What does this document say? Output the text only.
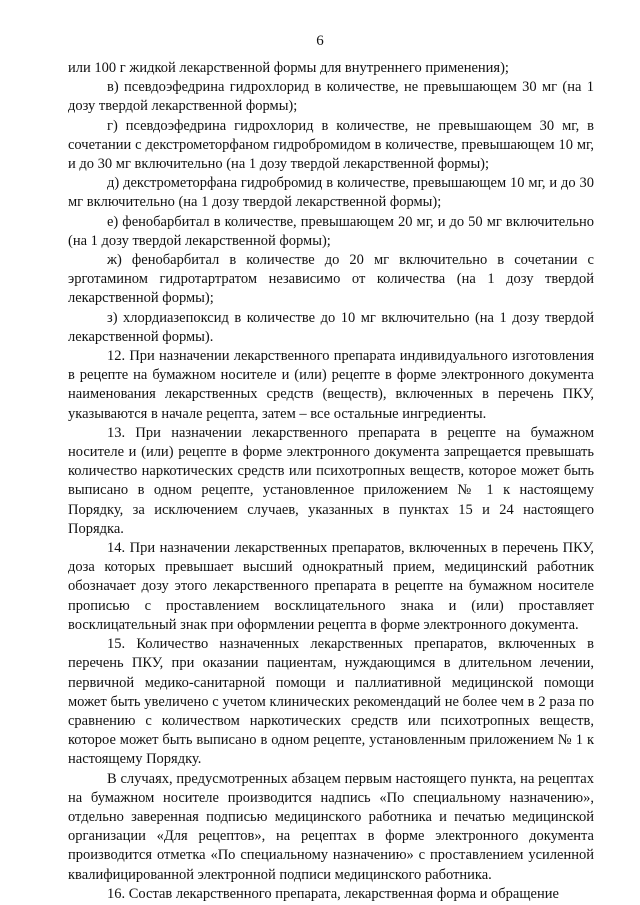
6

или 100 г жидкой лекарственной формы для внутреннего применения);

в) псевдоэфедрина гидрохлорид в количестве, не превышающем 30 мг (на 1 дозу твердой лекарственной формы);

г) псевдоэфедрина гидрохлорид в количестве, не превышающем 30 мг, в сочетании с декстрометорфаном гидробромидом в количестве, превышающем 10 мг, и до 30 мг включительно (на 1 дозу твердой лекарственной формы);

д) декстрометорфана гидробромид в количестве, превышающем 10 мг, и до 30 мг включительно (на 1 дозу твердой лекарственной формы);

е) фенобарбитал в количестве, превышающем 20 мг, и до 50 мг включительно (на 1 дозу твердой лекарственной формы);

ж) фенобарбитал в количестве до 20 мг включительно в сочетании с эрготамином гидротартратом независимо от количества (на 1 дозу твердой лекарственной формы);

з) хлордиазепоксид в количестве до 10 мг включительно (на 1 дозу твердой лекарственной формы).

12. При назначении лекарственного препарата индивидуального изготовления в рецепте на бумажном носителе и (или) рецепте в форме электронного документа наименования лекарственных средств (веществ), включенных в перечень ПКУ, указываются в начале рецепта, затем – все остальные ингредиенты.

13. При назначении лекарственного препарата в рецепте на бумажном носителе и (или) рецепте в форме электронного документа запрещается превышать количество наркотических средств или психотропных веществ, которое может быть выписано в одном рецепте, установленное приложением № 1 к настоящему Порядку, за исключением случаев, указанных в пунктах 15 и 24 настоящего Порядка.

14. При назначении лекарственных препаратов, включенных в перечень ПКУ, доза которых превышает высший однократный прием, медицинский работник обозначает дозу этого лекарственного препарата в рецепте на бумажном носителе прописью с проставлением восклицательного знака и (или) проставляет восклицательный знак при оформлении рецепта в форме электронного документа.

15. Количество назначенных лекарственных препаратов, включенных в перечень ПКУ, при оказании пациентам, нуждающимся в длительном лечении, первичной медико-санитарной помощи и паллиативной медицинской помощи может быть увеличено с учетом клинических рекомендаций не более чем в 2 раза по сравнению с количеством наркотических средств или психотропных веществ, которое может быть выписано в одном рецепте, установленным приложением № 1 к настоящему Порядку.

В случаях, предусмотренных абзацем первым настоящего пункта, на рецептах на бумажном носителе производится надпись «По специальному назначению», отдельно заверенная подписью медицинского работника и печатью медицинской организации «Для рецептов», на рецептах в форме электронного документа производится отметка «По специальному назначению» с проставлением усиленной квалифицированной электронной подписи медицинского работника.

16. Состав лекарственного препарата, лекарственная форма и обращение
